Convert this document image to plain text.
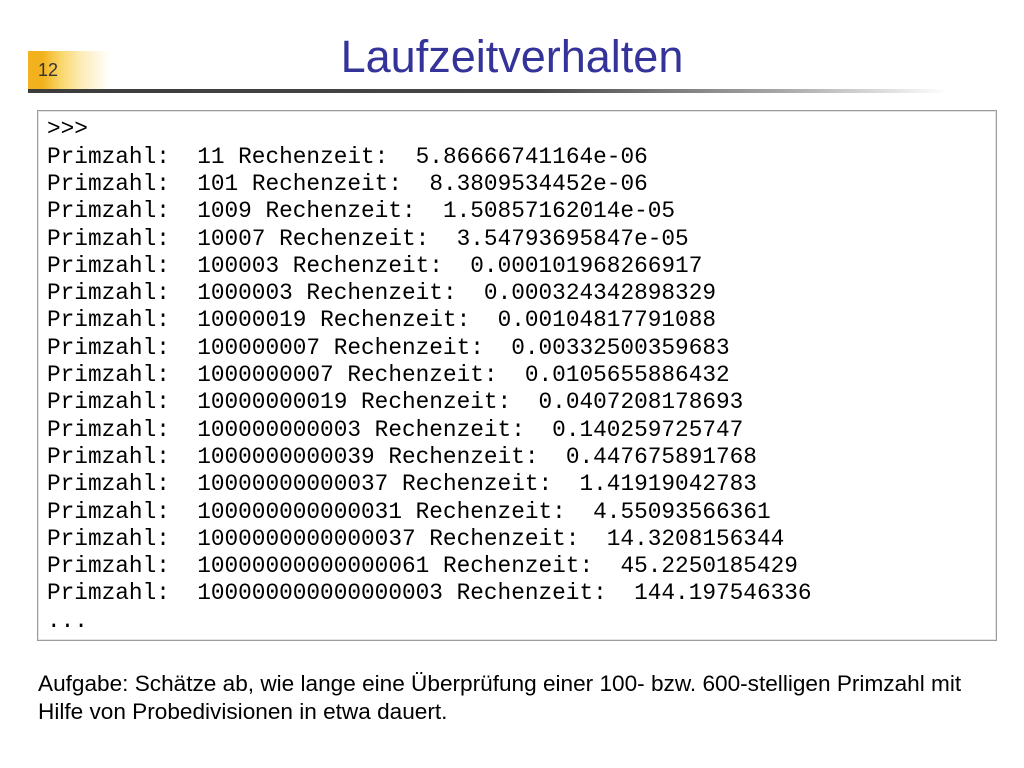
12	Laufzeitverhalten
>>>
Primzahl: 11 Rechenzeit: 5.86666741164e-06
Primzahl: 101 Rechenzeit: 8.3809534452e-06
Primzahl: 1009 Rechenzeit: 1.50857162014e-05
Primzahl: 10007 Rechenzeit: 3.54793695847e-05
Primzahl: 100003 Rechenzeit: 0.000101968266917
Primzahl: 1000003 Rechenzeit: 0.000324342898329
Primzahl: 10000019 Rechenzeit: 0.00104817791088
Primzahl: 100000007 Rechenzeit: 0.00332500359683
Primzahl: 1000000007 Rechenzeit: 0.0105655886432
Primzahl: 10000000019 Rechenzeit: 0.0407208178693
Primzahl: 100000000003 Rechenzeit: 0.140259725747
Primzahl: 1000000000039 Rechenzeit: 0.447675891768
Primzahl: 10000000000037 Rechenzeit: 1.41919042783
Primzahl: 100000000000031 Rechenzeit: 4.55093566361
Primzahl: 1000000000000037 Rechenzeit: 14.3208156344
Primzahl: 10000000000000061 Rechenzeit: 45.2250185429
Primzahl: 100000000000000003 Rechenzeit: 144.197546336
...

Aufgabe: Schätze ab, wie lange eine Überprüfung einer 100- bzw. 600-stelligen Primzahl mit Hilfe von Probedivisionen in etwa dauert.
